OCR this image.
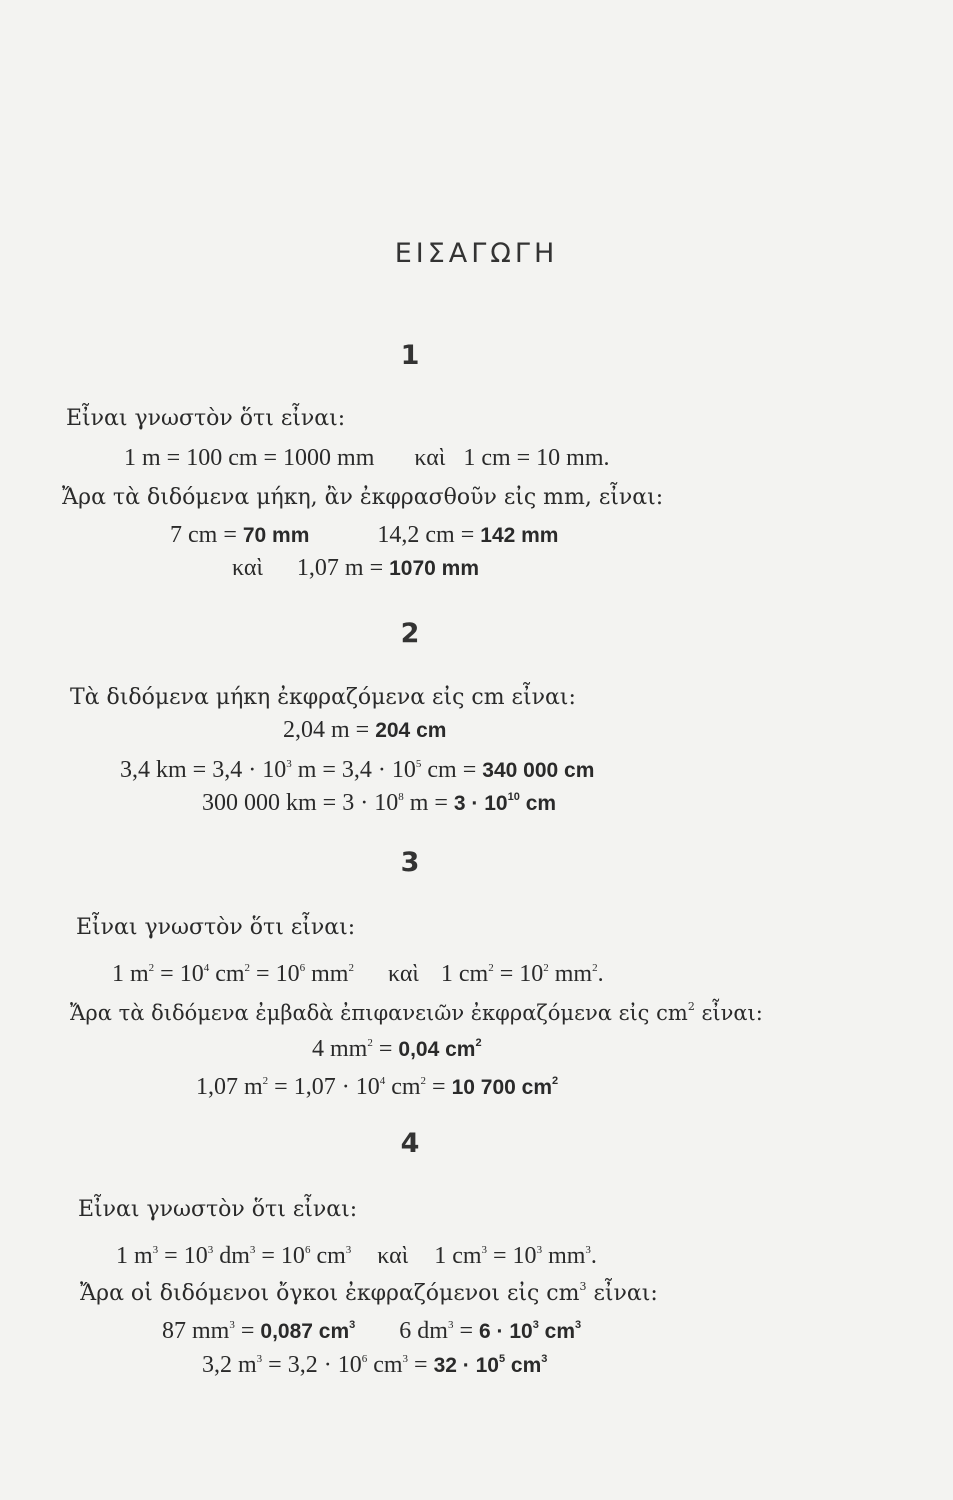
ΕΙΣΑΓΩΓΗ
1
Εἶναι γνωστὸν ὅτι εἶναι:
1 m = 100 cm = 1000 mm καὶ 1 cm = 10 mm.
Ἄρα τὰ διδόμενα μήκη, ἂν ἐκφρασθοῦν εἰς mm, εἶναι:
7 cm = 70 mm	14,2 cm = 142 mm
καὶ 1,07 m = 1070 mm
2
Τὰ διδόμενα μήκη ἐκφραζόμενα εἰς cm εἶναι:
2,04 m = 204 cm
3,4 km = $3,4 \cdot 10^3$ $m = 3,4 \cdot 10^5$ cm = 340 000 cm
300 000 km = $3 \cdot 10^8$ $m = 3 \cdot 10^{10}$ cm
3
Εἶναι γνωστὸν ὅτι εἶναι:
1 $m^2 = 10^4$ $cm^2 = 10^6$ $mm^2$ καὶ 1 $cm^2 = 10^2$ $mm^2$.
Ἄρα τὰ διδόμενα ἐμβαδὰ ἐπιφανειῶν ἐκφραζόμενα εἰς $cm^2$ εἶναι:
4 $mm^2 = 0,04$ $cm^2$
1,07 $m^2 = 1,07 \cdot 10^4$ $cm^2 = 10$ 700 $cm^2$
4
Εἶναι γνωστὸν ὅτι εἶναι:
1 $m^3 = 10^3$ $dm^3 = 10^6$ $cm^3$ καὶ 1 $cm^3 = 10^3$ $mm^3$.
Ἄρα οἱ διδόμενοι ὄγκοι ἐκφραζόμενοι εἰς $cm^3$ εἶναι:
87 $mm^3 = 0,087$ $cm^3$ 6 $dm^3 = 6 \cdot 10^3$ $cm^3$
3,2 $m^3 = 3,2 \cdot 10^6$ $cm^3 = 32 \cdot 10^5$ $cm^3$
